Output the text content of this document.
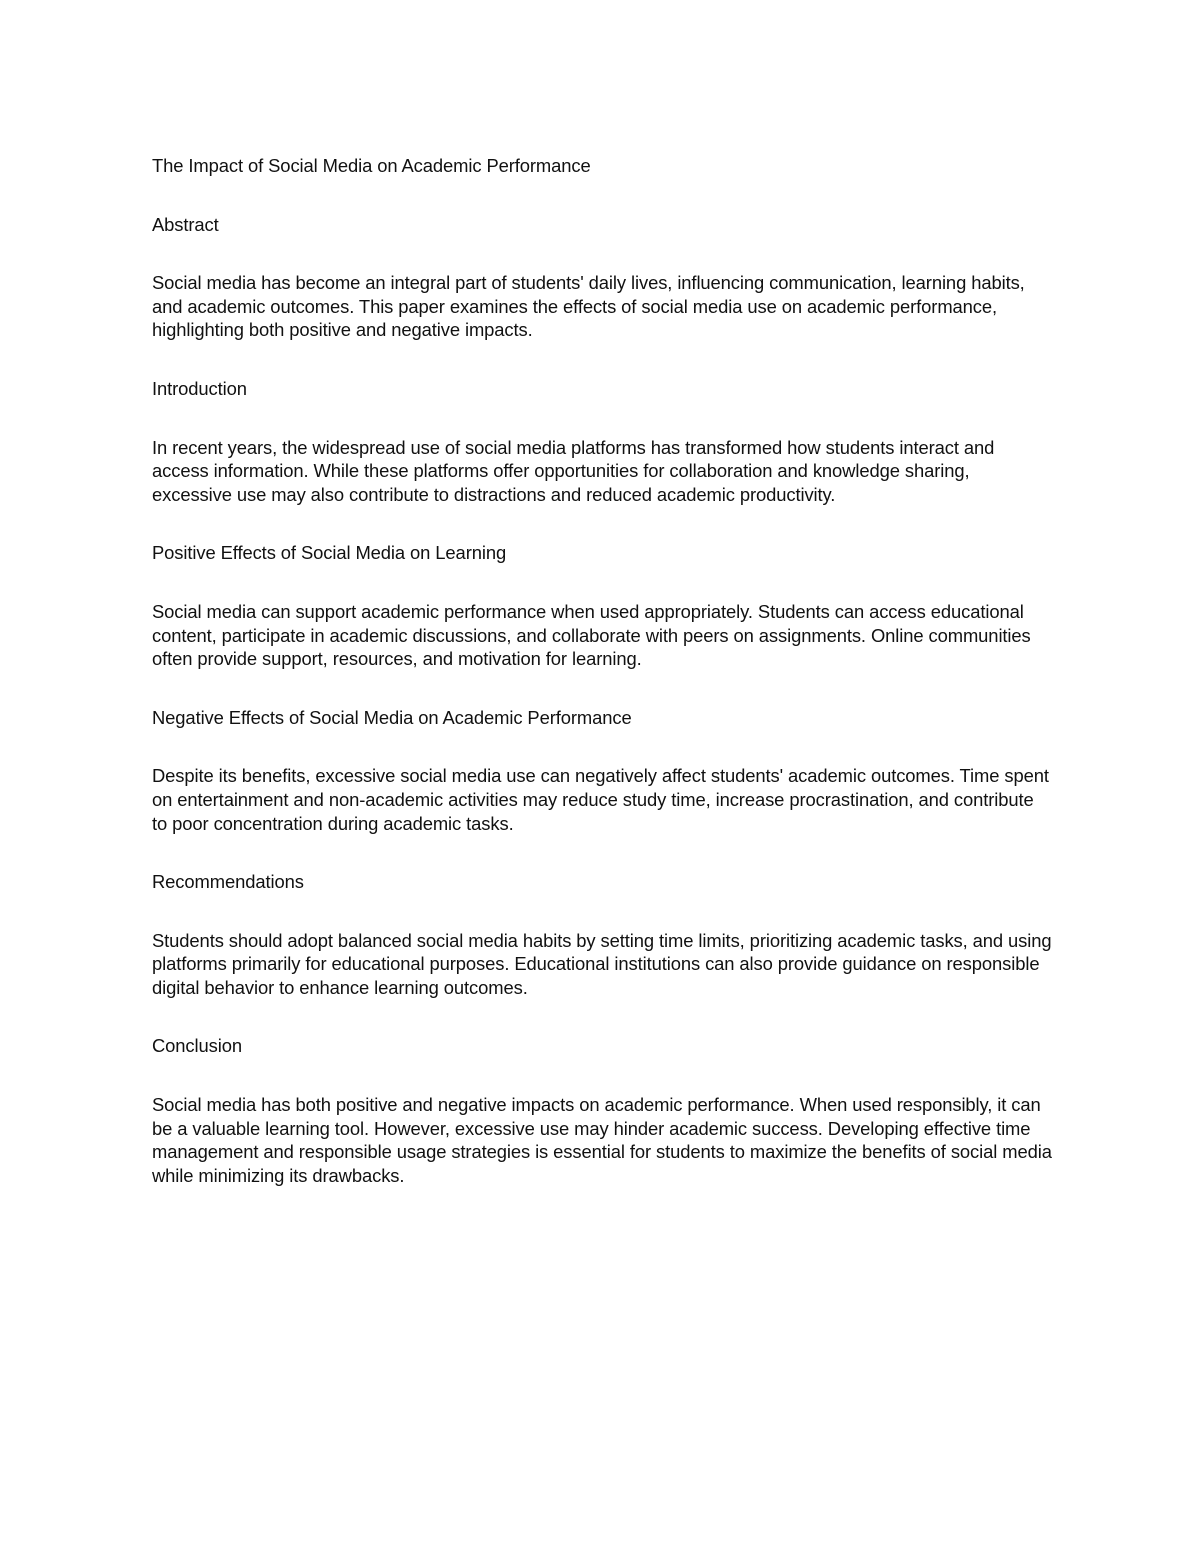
The Impact of Social Media on Academic Performance

Abstract

Social media has become an integral part of students' daily lives, influencing communication, learning habits, and academic outcomes. This paper examines the effects of social media use on academic performance, highlighting both positive and negative impacts.

Introduction

In recent years, the widespread use of social media platforms has transformed how students interact and access information. While these platforms offer opportunities for collaboration and knowledge sharing, excessive use may also contribute to distractions and reduced academic productivity.

Positive Effects of Social Media on Learning

Social media can support academic performance when used appropriately. Students can access educational content, participate in academic discussions, and collaborate with peers on assignments. Online communities often provide support, resources, and motivation for learning.

Negative Effects of Social Media on Academic Performance

Despite its benefits, excessive social media use can negatively affect students' academic outcomes. Time spent on entertainment and non-academic activities may reduce study time, increase procrastination, and contribute to poor concentration during academic tasks.

Recommendations

Students should adopt balanced social media habits by setting time limits, prioritizing academic tasks, and using platforms primarily for educational purposes. Educational institutions can also provide guidance on responsible digital behavior to enhance learning outcomes.

Conclusion

Social media has both positive and negative impacts on academic performance. When used responsibly, it can be a valuable learning tool. However, excessive use may hinder academic success. Developing effective time management and responsible usage strategies is essential for students to maximize the benefits of social media while minimizing its drawbacks.
